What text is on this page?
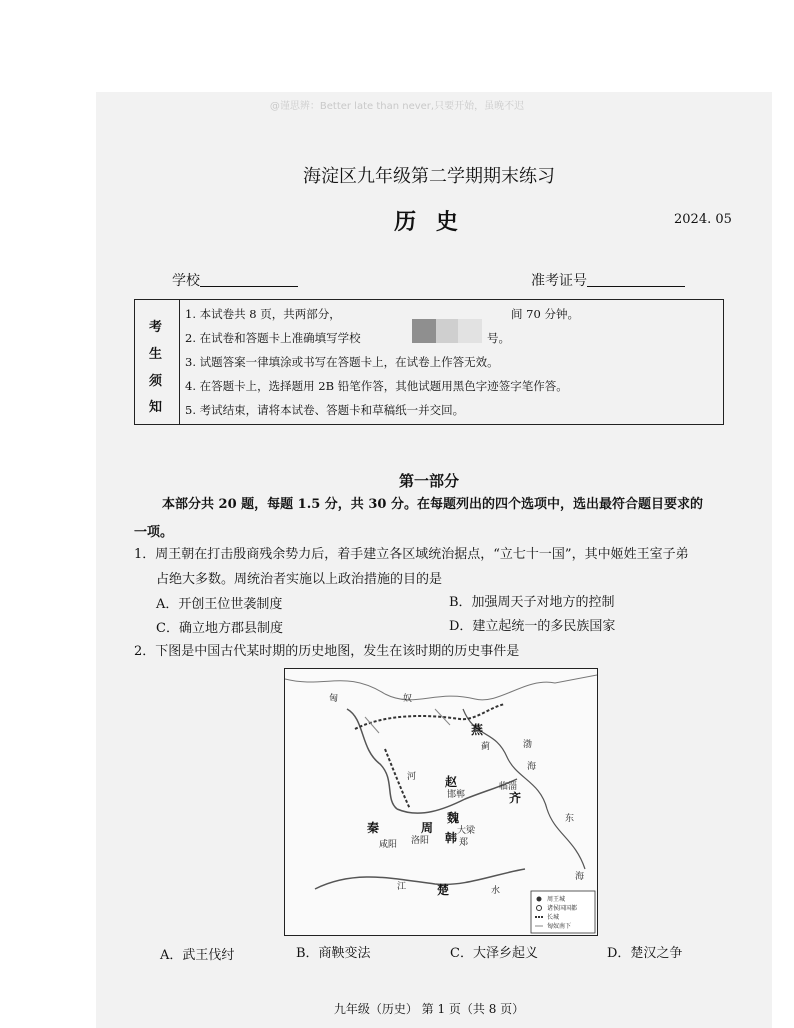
@谨思辨：Better late than never,只要开始，虽晚不迟
海淀区九年级第二学期期末练习
历 史	2024. 05
学校	准考证号
考
生
须
知
1. 本试卷共 8 页，共两部分，	间 70 分钟。
2. 在试卷和答题卡上准确填写学校	号。
3. 试题答案一律填涂或书写在答题卡上，在试卷上作答无效。
4. 在答题卡上，选择题用 2B 铅笔作答，其他试题用黑色字迹签字笔作答。
5. 考试结束，请将本试卷、答题卡和草稿纸一并交回。
第一部分
本部分共 20 题，每题 1.5 分，共 30 分。在每题列出的四个选项中，选出最符合题目要求的
一项。
1．周王朝在打击殷商残余势力后，着手建立各区域统治据点，“立七十一国”，其中姬姓王室子弟
占绝大多数。周统治者实施以上政治措施的目的是
A．开创王位世袭制度	B．加强周天子对地方的控制
C．确立地方郡县制度	D．建立起统一的多民族国家
2．下图是中国古代某时期的历史地图，发生在该时期的历史事件是
匈	奴
燕
蓟	渤
海
赵
邯郸
临淄
齐
东
海
秦
咸阳
周
洛阳
魏
大梁
韩 郑
江	楚	水
河
周王城
诸侯国国都
长城
匈奴南下
A．武王伐纣	B．商鞅变法	C．大泽乡起义	D．楚汉之争
九年级（历史） 第 1 页（共 8 页）
